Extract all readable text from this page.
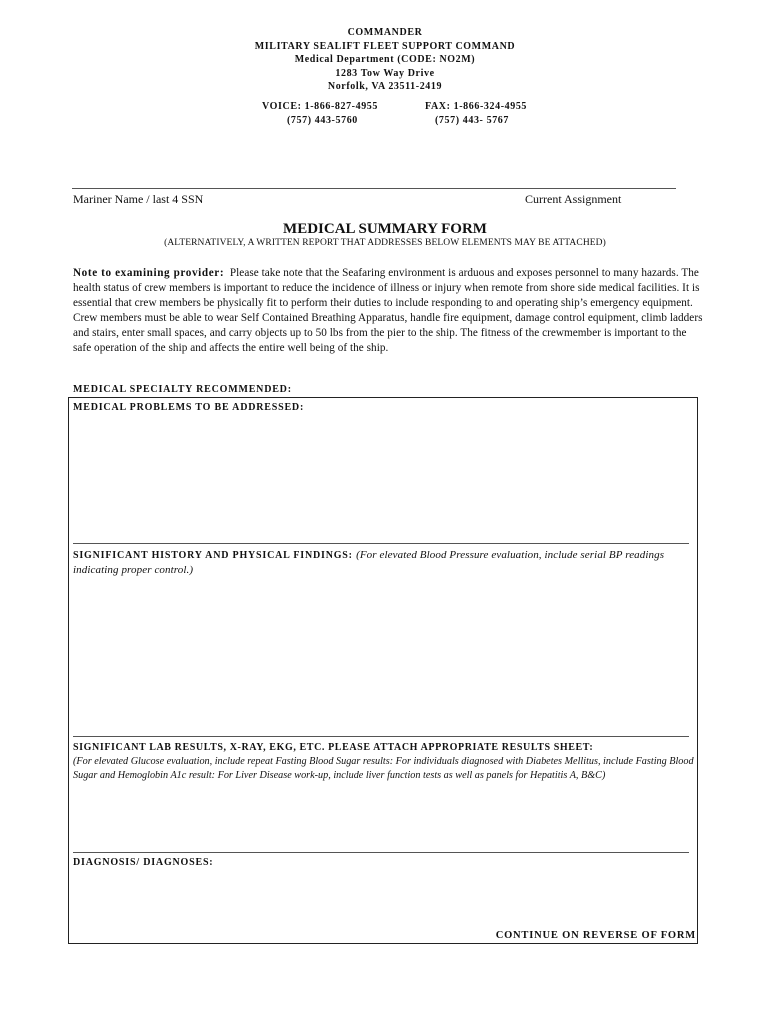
COMMANDER
MILITARY SEALIFT FLEET SUPPORT COMMAND
Medical Department (CODE: NO2M)
1283 Tow Way Drive
Norfolk, VA 23511-2419
VOICE: 1-866-827-4955
(757) 443-5760
FAX: 1-866-324-4955
(757) 443- 5767
Mariner Name / last 4 SSN	Current Assignment
MEDICAL SUMMARY FORM
(ALTERNATIVELY, A WRITTEN REPORT THAT ADDRESSES BELOW ELEMENTS MAY BE ATTACHED)
Note to examining provider: Please take note that the Seafaring environment is arduous and exposes personnel to many hazards. The health status of crew members is important to reduce the incidence of illness or injury when remote from shore side medical facilities. It is essential that crew members be physically fit to perform their duties to include responding to and operating ship’s emergency equipment. Crew members must be able to wear Self Contained Breathing Apparatus, handle fire equipment, damage control equipment, climb ladders and stairs, enter small spaces, and carry objects up to 50 lbs from the pier to the ship. The fitness of the crewmember is important to the safe operation of the ship and affects the entire well being of the ship.
MEDICAL SPECIALTY RECOMMENDED:
MEDICAL PROBLEMS TO BE ADDRESSED:
SIGNIFICANT HISTORY AND PHYSICAL FINDINGS: (For elevated Blood Pressure evaluation, include serial BP readings indicating proper control.)
SIGNIFICANT LAB RESULTS, X-RAY, EKG, ETC. PLEASE ATTACH APPROPRIATE RESULTS SHEET:
(For elevated Glucose evaluation, include repeat Fasting Blood Sugar results: For individuals diagnosed with Diabetes Mellitus, include Fasting Blood Sugar and Hemoglobin A1c result: For Liver Disease work-up, include liver function tests as well as panels for Hepatitis A, B&C)
DIAGNOSIS/ DIAGNOSES:
CONTINUE ON REVERSE OF FORM
